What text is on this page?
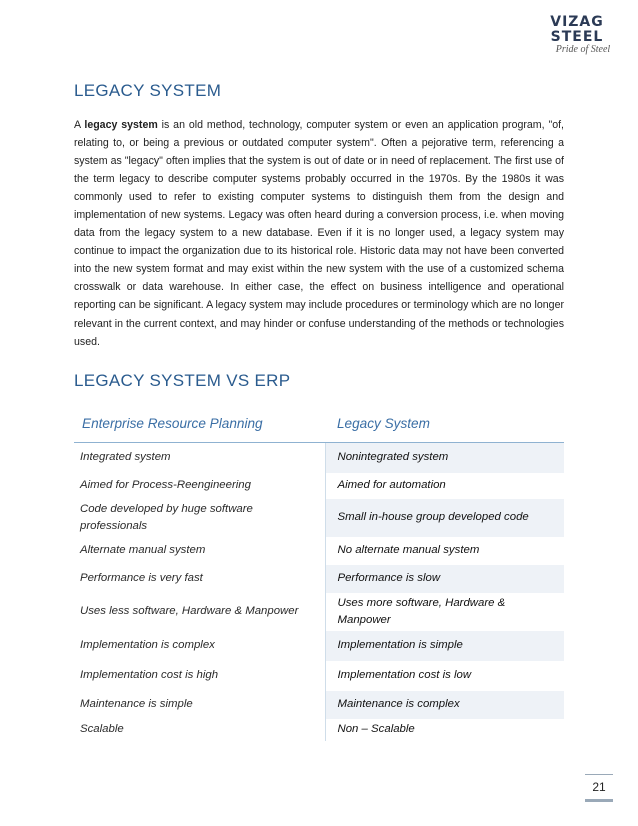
VIZAG
STEEL
Pride of Steel
LEGACY SYSTEM
A legacy system is an old method, technology, computer system or even an application program, "of, relating to, or being a previous or outdated computer system". Often a pejorative term, referencing a system as "legacy" often implies that the system is out of date or in need of replacement. The first use of the term legacy to describe computer systems probably occurred in the 1970s. By the 1980s it was commonly used to refer to existing computer systems to distinguish them from the design and implementation of new systems. Legacy was often heard during a conversion process, i.e. when moving data from the legacy system to a new database. Even if it is no longer used, a legacy system may continue to impact the organization due to its historical role. Historic data may not have been converted into the new system format and may exist within the new system with the use of a customized schema crosswalk or data warehouse. In either case, the effect on business intelligence and operational reporting can be significant. A legacy system may include procedures or terminology which are no longer relevant in the current context, and may hinder or confuse understanding of the methods or technologies used.
LEGACY SYSTEM VS ERP
Enterprise Resource Planning	Legacy System
Integrated system	Nonintegrated system
Aimed for Process-Reengineering	Aimed for automation
Code developed by huge software professionals	Small in-house group developed code
Alternate manual system	No alternate manual system
Performance is very fast	Performance is slow
Uses less software, Hardware & Manpower	Uses more software, Hardware & Manpower
Implementation is complex	Implementation is simple
Implementation cost is high	Implementation cost is low
Maintenance is simple	Maintenance is complex
Scalable	Non – Scalable
21
